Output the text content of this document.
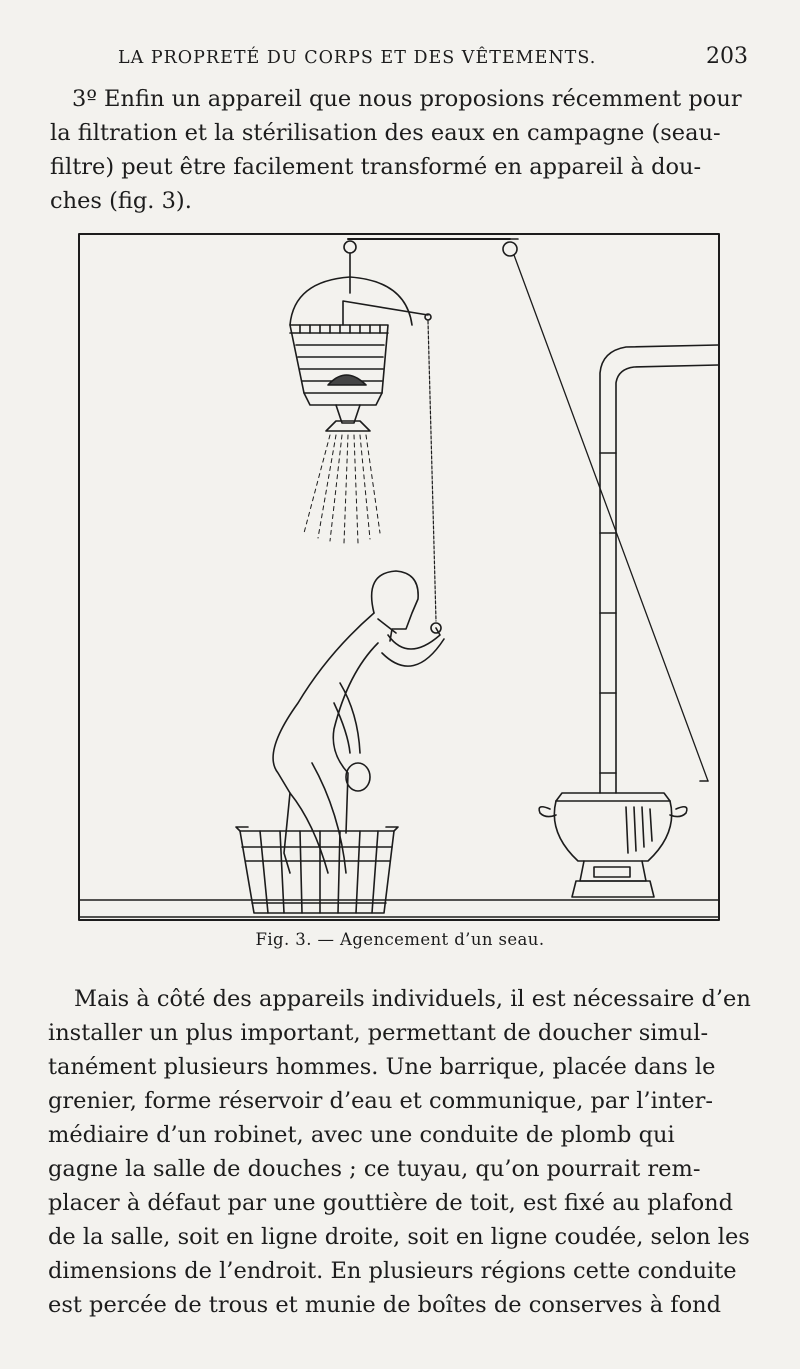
LA PROPRETÉ DU CORPS ET DES VÊTEMENTS.	203

3º Enfin un appareil que nous proposions récemment pour
la filtration et la stérilisation des eaux en campagne (seau-
filtre) peut être facilement transformé en appareil à dou-
ches (fig. 3).

Fig. 3. — Agencement d’un seau.

Mais à côté des appareils individuels, il est nécessaire d’en
installer un plus important, permettant de doucher simul-
tanément plusieurs hommes. Une barrique, placée dans le
grenier, forme réservoir d’eau et communique, par l’inter-
médiaire d’un robinet, avec une conduite de plomb qui
gagne la salle de douches ; ce tuyau, qu’on pourrait rem-
placer à défaut par une gouttière de toit, est fixé au plafond
de la salle, soit en ligne droite, soit en ligne coudée, selon les
dimensions de l’endroit. En plusieurs régions cette conduite
est percée de trous et munie de boîtes de conserves à fond
